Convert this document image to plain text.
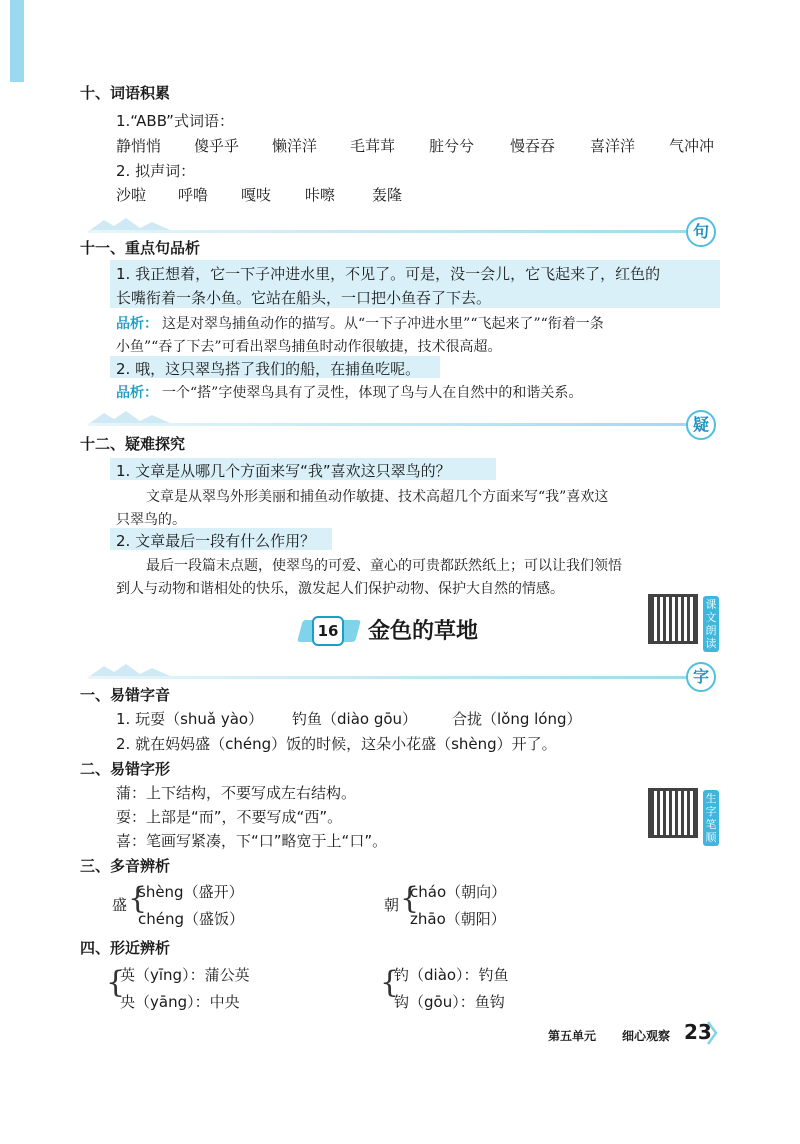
十、词语积累
1.“ABB”式词语：
静悄悄 傻乎乎 懒洋洋 毛茸茸 脏兮兮 慢吞吞 喜洋洋 气冲冲
2. 拟声词：
沙啦 呼噜 嘎吱 咔嚓 轰隆
句
十一、重点句品析
1. 我正想着，它一下子冲进水里，不见了。可是，没一会儿，它飞起来了，红色的
长嘴衔着一条小鱼。它站在船头，一口把小鱼吞了下去。
品析： 这是对翠鸟捕鱼动作的描写。从“一下子冲进水里”“飞起来了”“衔着一条
小鱼”“吞了下去”可看出翠鸟捕鱼时动作很敏捷，技术很高超。
2. 哦，这只翠鸟搭了我们的船，在捕鱼吃呢。
品析： 一个“搭”字使翠鸟具有了灵性，体现了鸟与人在自然中的和谐关系。
疑
十二、疑难探究
1. 文章是从哪几个方面来写“我”喜欢这只翠鸟的？
文章是从翠鸟外形美丽和捕鱼动作敏捷、技术高超几个方面来写“我”喜欢这
只翠鸟的。
2. 文章最后一段有什么作用？
最后一段篇末点题，使翠鸟的可爱、童心的可贵都跃然纸上；可以让我们领悟
到人与动物和谐相处的快乐，激发起人们保护动物、保护大自然的情感。
16 金色的草地
课文朗读
字
一、易错字音
1. 玩耍（shuǎ yào） 钓鱼（diào gōu） 合拢（lǒng lóng）
2. 就在妈妈盛（chéng）饭的时候，这朵小花盛（shèng）开了。
二、易错字形
蒲：上下结构，不要写成左右结构。
耍：上部是“而”，不要写成“西”。
喜：笔画写紧凑，下“口”略宽于上“口”。
生字笔顺
三、多音辨析
盛 {
shèng（盛开）
chéng（盛饭）
朝 {
cháo（朝向）
zhāo（朝阳）
四、形近辨析
{
英（yīng）：蒲公英
央（yāng）：中央
{
钓（diào）：钓鱼
钩（gōu）：鱼钩
第五单元 细心观察 23
